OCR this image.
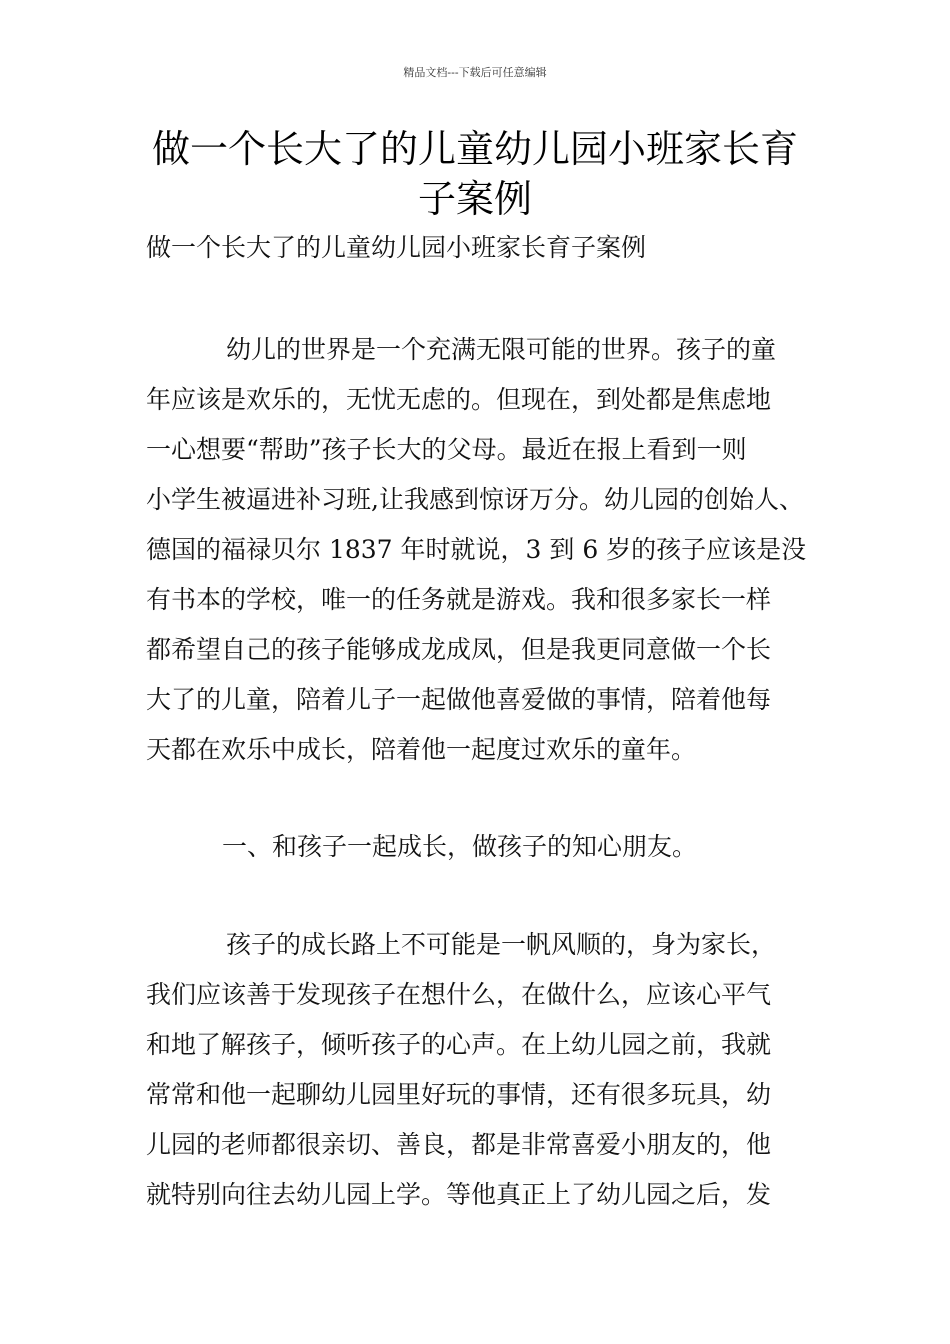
精品文档---下载后可任意编辑
做一个长大了的儿童幼儿园小班家长育
子案例

做一个长大了的儿童幼儿园小班家长育子案例

幼儿的世界是一个充满无限可能的世界。孩子的童
年应该是欢乐的，无忧无虑的。但现在，到处都是焦虑地
一心想要“帮助”孩子长大的父母。最近在报上看到一则
小学生被逼进补习班,让我感到惊讶万分。幼儿园的创始人、
德国的福禄贝尔 1837 年时就说，3 到 6 岁的孩子应该是没
有书本的学校，唯一的任务就是游戏。我和很多家长一样
都希望自己的孩子能够成龙成凤，但是我更同意做一个长
大了的儿童，陪着儿子一起做他喜爱做的事情，陪着他每
天都在欢乐中成长，陪着他一起度过欢乐的童年。

一、和孩子一起成长，做孩子的知心朋友。

孩子的成长路上不可能是一帆风顺的，身为家长，
我们应该善于发现孩子在想什么，在做什么，应该心平气
和地了解孩子，倾听孩子的心声。在上幼儿园之前，我就
常常和他一起聊幼儿园里好玩的事情，还有很多玩具，幼
儿园的老师都很亲切、善良，都是非常喜爱小朋友的，他
就特别向往去幼儿园上学。等他真正上了幼儿园之后，发
